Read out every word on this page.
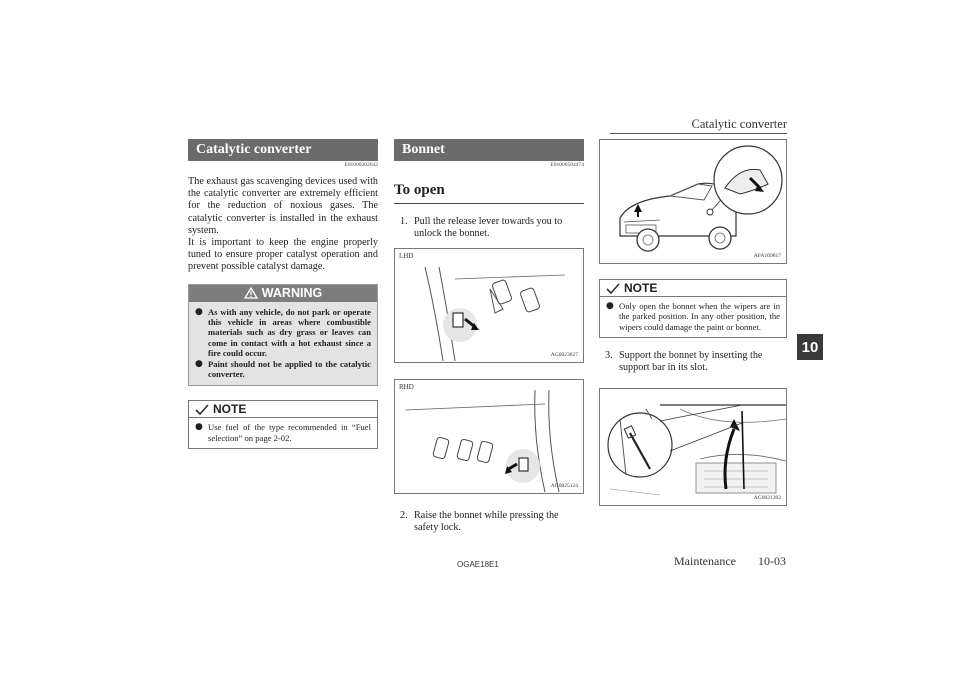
Catalytic converter
10
Catalytic converter
E01000202642
The exhaust gas scavenging devices used with the catalytic converter are extremely efficient for the reduction of noxious gases. The catalytic converter is installed in the exhaust system.
It is important to keep the engine properly tuned to ensure proper catalyst operation and prevent possible catalyst damage.
WARNING
● As with any vehicle, do not park or operate this vehicle in areas where combustible materials such as dry grass or leaves can come in contact with a hot exhaust since a fire could occur.
● Paint should not be applied to the catalytic converter.
NOTE
● Use fuel of the type recommended in “Fuel selection” on page 2-02.
Bonnet
E01000504474
To open
1. Pull the release lever towards you to unlock the bonnet.
LHD
AG0023827
RHD
AG0025124
2. Raise the bonnet while pressing the safety lock.
AFA109817
NOTE
● Only open the bonnet when the wipers are in the parked position. In any other position, the wipers could damage the paint or bonnet.
3. Support the bonnet by inserting the support bar in its slot.
AG0021302
OGAE18E1	Maintenance 10-03
